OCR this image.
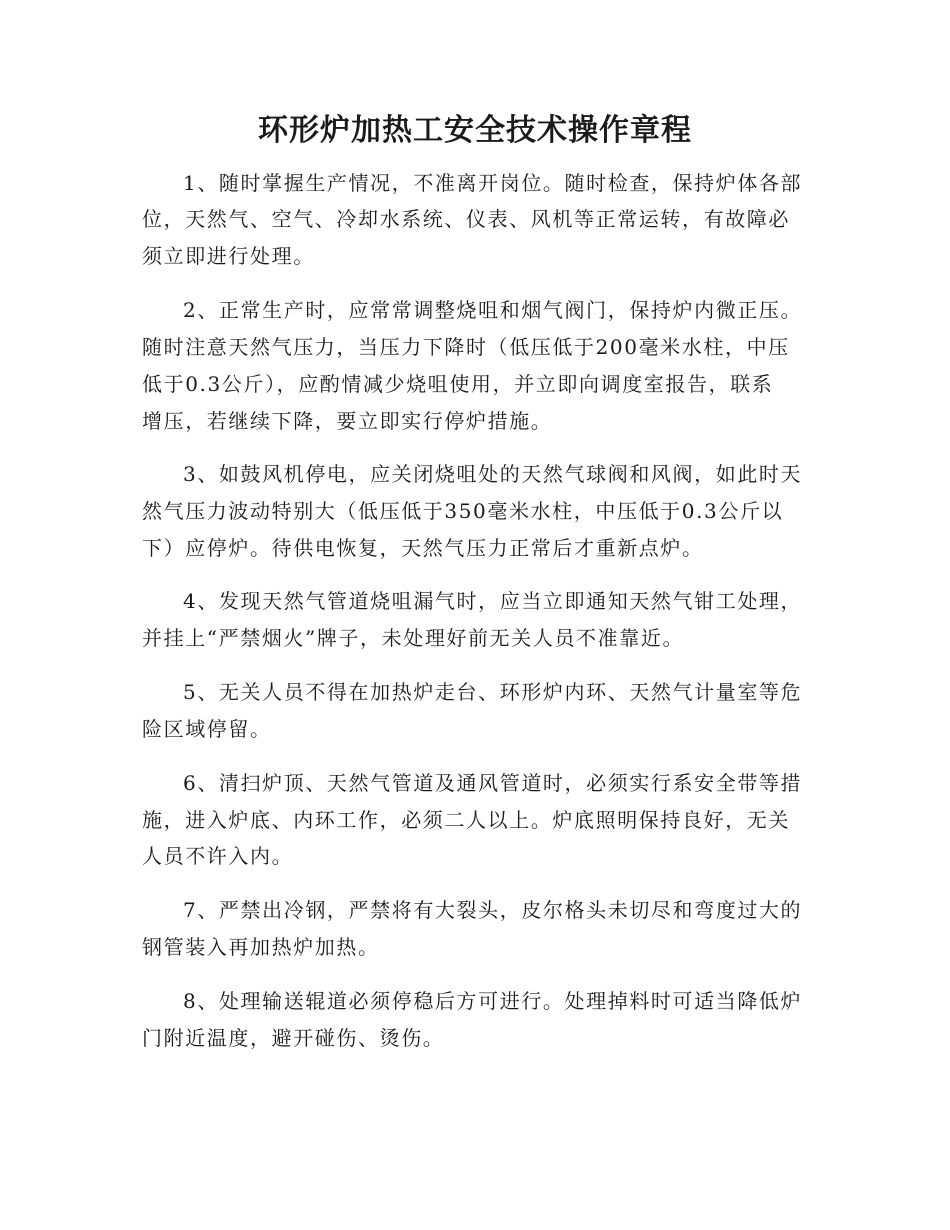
环形炉加热工安全技术操作章程
1、随时掌握生产情况，不准离开岗位。随时检查，保持炉体各部
位，天然气、空气、冷却水系统、仪表、风机等正常运转，有故障必
须立即进行处理。
2、正常生产时，应常常调整烧咀和烟气阀门，保持炉内微正压。
随时注意天然气压力，当压力下降时（低压低于200毫米水柱，中压
低于0.3公斤），应酌情减少烧咀使用，并立即向调度室报告，联系
增压，若继续下降，要立即实行停炉措施。
3、如鼓风机停电，应关闭烧咀处的天然气球阀和风阀，如此时天
然气压力波动特别大（低压低于350毫米水柱，中压低于0.3公斤以
下）应停炉。待供电恢复，天然气压力正常后才重新点炉。
4、发现天然气管道烧咀漏气时，应当立即通知天然气钳工处理，
并挂上“严禁烟火”牌子，未处理好前无关人员不准靠近。
5、无关人员不得在加热炉走台、环形炉内环、天然气计量室等危
险区域停留。
6、清扫炉顶、天然气管道及通风管道时，必须实行系安全带等措
施，进入炉底、内环工作，必须二人以上。炉底照明保持良好，无关
人员不许入内。
7、严禁出冷钢，严禁将有大裂头，皮尔格头未切尽和弯度过大的
钢管装入再加热炉加热。
8、处理输送辊道必须停稳后方可进行。处理掉料时可适当降低炉
门附近温度，避开碰伤、烫伤。
